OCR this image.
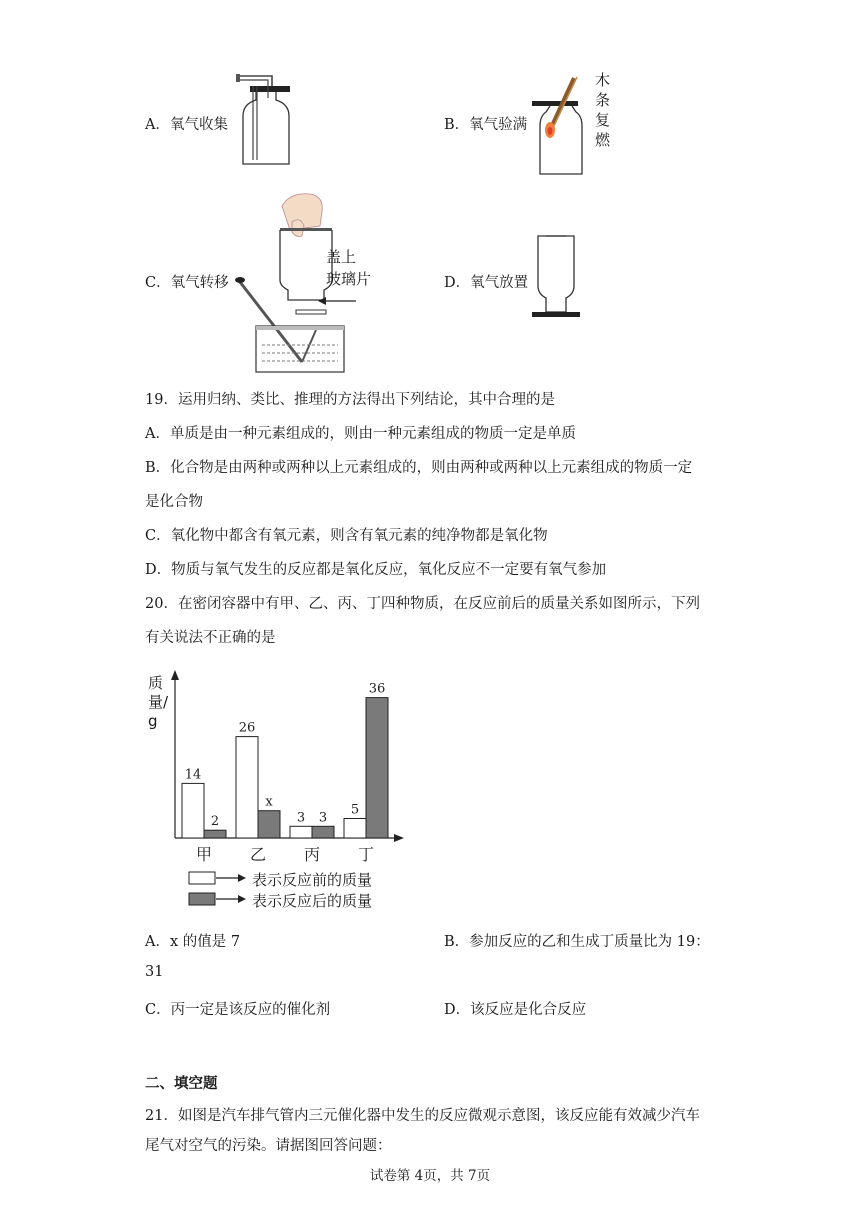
A．氧气收集	B．氧气验满
木
条
复
燃
C．氧气转移
盖上
玻璃片	D．氧气放置
19．运用归纳、类比、推理的方法得出下列结论，其中合理的是
A．单质是由一种元素组成的，则由一种元素组成的物质一定是单质
B．化合物是由两种或两种以上元素组成的，则由两种或两种以上元素组成的物质一定
是化合物
C．氧化物中都含有氧元素，则含有氧元素的纯净物都是氧化物
D．物质与氧气发生的反应都是氧化反应，氧化反应不一定要有氧气参加
20．在密闭容器中有甲、乙、丙、丁四种物质，在反应前后的质量关系如图所示，下列
有关说法不正确的是
14
2
甲
26
x
乙
3 3
丙
5
36
丁
质量/g
表示反应前的质量
表示反应后的质量
A．x 的值是 7	B．参加反应的乙和生成丁质量比为 19：
31
C．丙一定是该反应的催化剂	D．该反应是化合反应
二、填空题
21．如图是汽车排气管内三元催化器中发生的反应微观示意图，该反应能有效减少汽车
尾气对空气的污染。请据图回答问题：
试卷第 4页，共 7页
